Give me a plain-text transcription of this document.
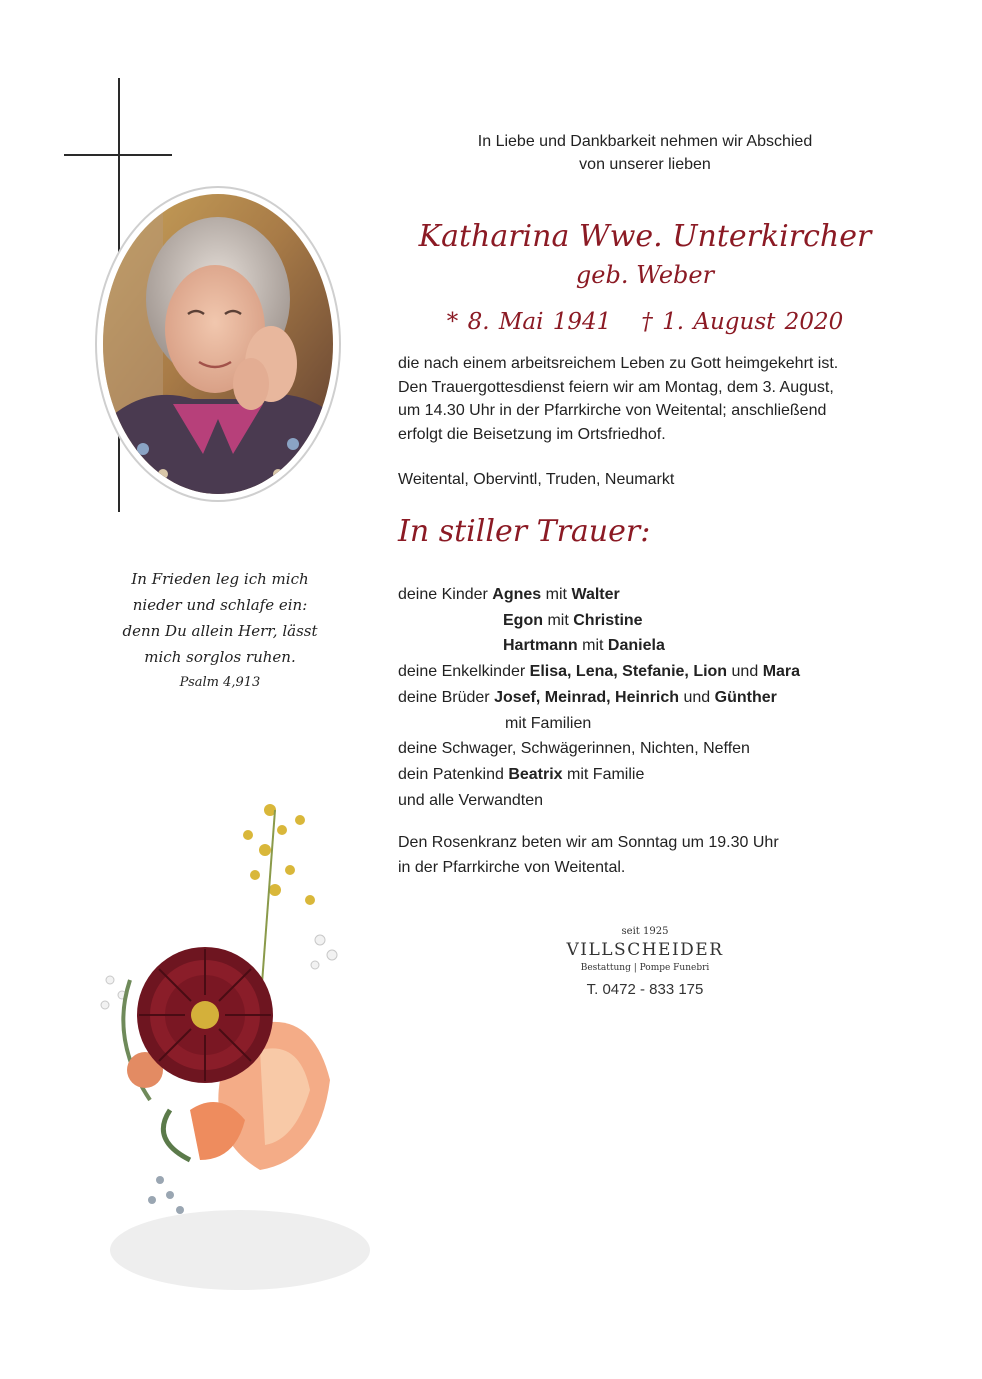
In Frieden leg ich mich
nieder und schlafe ein:
denn Du allein Herr, lässt
mich sorglos ruhen.
Psalm 4,913
In Liebe und Dankbarkeit nehmen wir Abschied
von unserer lieben
Katharina Wwe. Unterkircher
geb. Weber
* 8. Mai 1941 † 1. August 2020
die nach einem arbeitsreichem Leben zu Gott heimgekehrt ist.
Den Trauergottesdienst feiern wir am Montag, dem 3. August,
um 14.30 Uhr in der Pfarrkirche von Weitental; anschließend
erfolgt die Beisetzung im Ortsfriedhof.
Weitental, Obervintl, Truden, Neumarkt
In stiller Trauer:
deine Kinder Agnes mit Walter
Egon mit Christine
Hartmann mit Daniela
deine Enkelkinder Elisa, Lena, Stefanie, Lion und Mara
deine Brüder Josef, Meinrad, Heinrich und Günther
mit Familien
deine Schwager, Schwägerinnen, Nichten, Neffen
dein Patenkind Beatrix mit Familie
und alle Verwandten
Den Rosenkranz beten wir am Sonntag um 19.30 Uhr
in der Pfarrkirche von Weitental.
seit 1925
VILLSCHEIDER
Bestattung | Pompe Funebri
T. 0472 - 833 175
